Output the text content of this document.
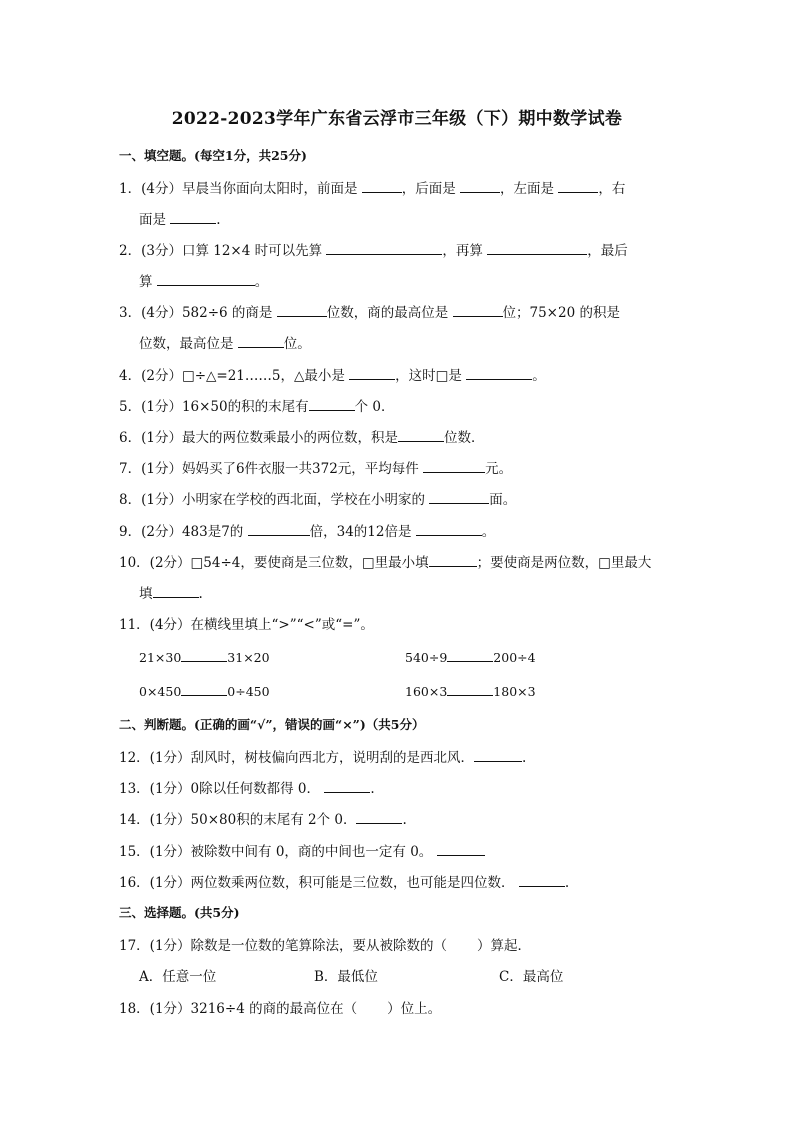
2022-2023学年广东省云浮市三年级（下）期中数学试卷
一、填空题。(每空1分，共25分)
1．(4分）早晨当你面向太阳时，前面是	，后面是	，左面是	，右
面是	.
2．(3分）口算 12×4 时可以先算	，再算	，最后
算	。
3．(4分）582÷6 的商是	位数，商的最高位是	位；75×20 的积是
位数，最高位是	位。
4．(2分）□÷△=21……5，△最小是	，这时□是	。
5．(1分）16×50的积的末尾有	个 0．
6．(1分）最大的两位数乘最小的两位数，积是	位数．
7．(1分）妈妈买了6件衣服一共372元，平均每件	元。
8．(1分）小明家在学校的西北面，学校在小明家的	面。
9．(2分）483是7的	倍，34的12倍是	。
10．(2分）□54÷4，要使商是三位数，□里最小填	；要使商是两位数，□里最大
填	.
11．(4分）在横线里填上“>”“<”或“=”。
21×30	31×20	540÷9	200÷4
0×450	0÷450	160×3	180×3
二、判断题。(正确的画“√”，错误的画“×”)（共5分）
12．(1分）刮风时，树枝偏向西北方，说明刮的是西北风．	.
13．(1分）0除以任何数都得 0．	.
14．(1分）50×80积的末尾有 2个 0．	.
15．(1分）被除数中间有 0，商的中间也一定有 0。
16．(1分）两位数乘两位数，积可能是三位数，也可能是四位数．	.
三、选择题。(共5分)
17．(1分）除数是一位数的笔算除法，要从被除数的（ ）算起．
A．任意一位	B．最低位	C．最高位
18．(1分）3216÷4 的商的最高位在（ ）位上。
